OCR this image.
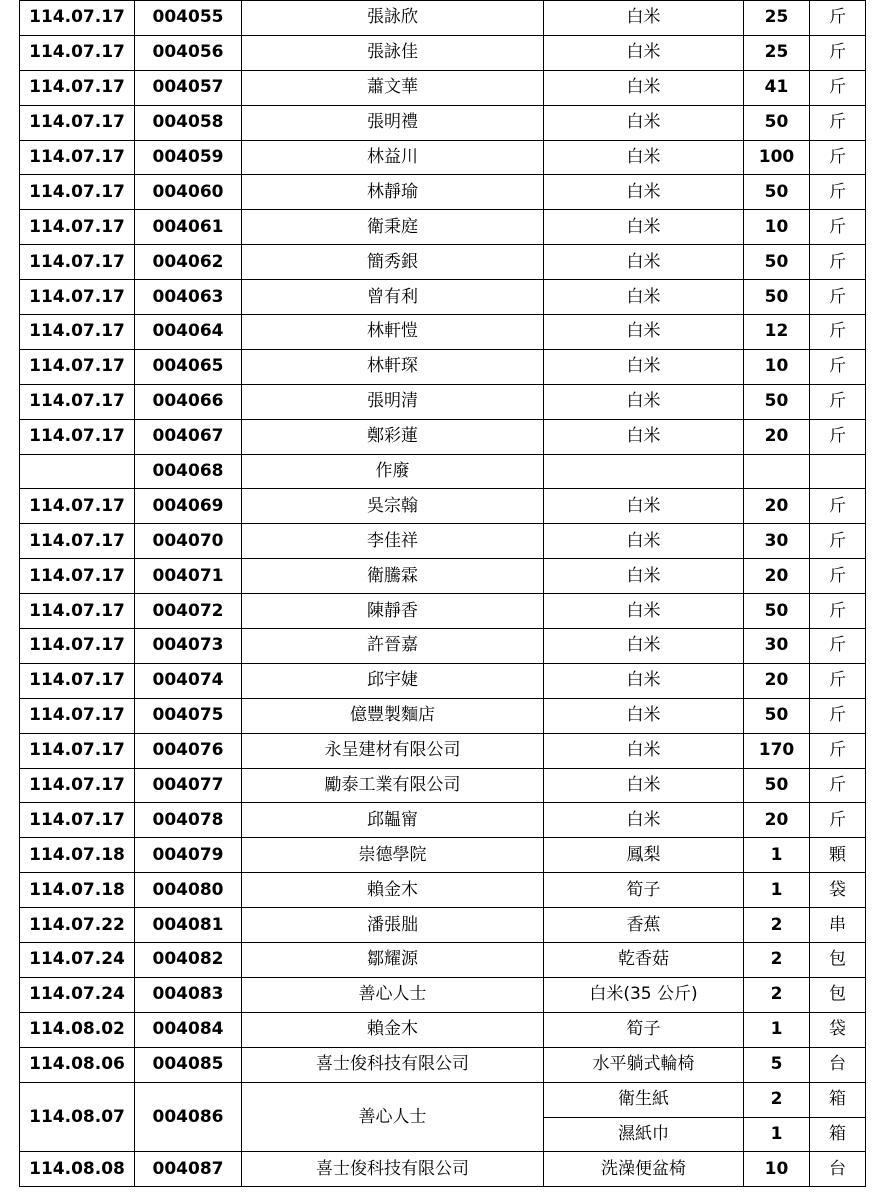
114.07.17	004055	張詠欣	白米	25	斤
114.07.17	004056	張詠佳	白米	25	斤
114.07.17	004057	蕭文華	白米	41	斤
114.07.17	004058	張明禮	白米	50	斤
114.07.17	004059	林益川	白米	100	斤
114.07.17	004060	林靜瑜	白米	50	斤
114.07.17	004061	衛秉庭	白米	10	斤
114.07.17	004062	簡秀銀	白米	50	斤
114.07.17	004063	曾有利	白米	50	斤
114.07.17	004064	林軒愷	白米	12	斤
114.07.17	004065	林軒琛	白米	10	斤
114.07.17	004066	張明清	白米	50	斤
114.07.17	004067	鄭彩蓮	白米	20	斤
	004068	作廢			
114.07.17	004069	吳宗翰	白米	20	斤
114.07.17	004070	李佳祥	白米	30	斤
114.07.17	004071	衛騰霖	白米	20	斤
114.07.17	004072	陳靜香	白米	50	斤
114.07.17	004073	許晉嘉	白米	30	斤
114.07.17	004074	邱宇婕	白米	20	斤
114.07.17	004075	億豐製麵店	白米	50	斤
114.07.17	004076	永呈建材有限公司	白米	170	斤
114.07.17	004077	勵泰工業有限公司	白米	50	斤
114.07.17	004078	邱韞甯	白米	20	斤
114.07.18	004079	崇德學院	鳳梨	1	顆
114.07.18	004080	賴金木	筍子	1	袋
114.07.22	004081	潘張朏	香蕉	2	串
114.07.24	004082	鄒耀源	乾香菇	2	包
114.07.24	004083	善心人士	白米(35 公斤)	2	包
114.08.02	004084	賴金木	筍子	1	袋
114.08.06	004085	喜士俊科技有限公司	水平躺式輪椅	5	台
114.08.07	004086	善心人士	衛生紙	2	箱
			濕紙巾	1	箱
114.08.08	004087	喜士俊科技有限公司	洗澡便盆椅	10	台
